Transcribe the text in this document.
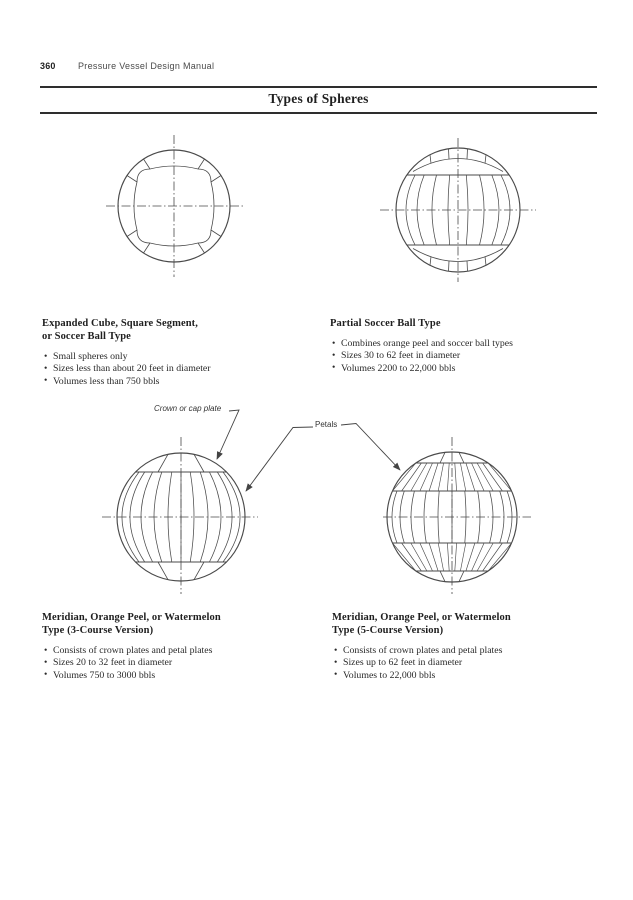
360 Pressure Vessel Design Manual
Types of Spheres
Crown or cap plate
Petals
Expanded Cube, Square Segment,
or Soccer Ball Type
• Small spheres only
• Sizes less than about 20 feet in diameter
• Volumes less than 750 bbls
Partial Soccer Ball Type
• Combines orange peel and soccer ball types
• Sizes 30 to 62 feet in diameter
• Volumes 2200 to 22,000 bbls
Meridian, Orange Peel, or Watermelon
Type (3-Course Version)
• Consists of crown plates and petal plates
• Sizes 20 to 32 feet in diameter
• Volumes 750 to 3000 bbls
Meridian, Orange Peel, or Watermelon
Type (5-Course Version)
• Consists of crown plates and petal plates
• Sizes up to 62 feet in diameter
• Volumes to 22,000 bbls
